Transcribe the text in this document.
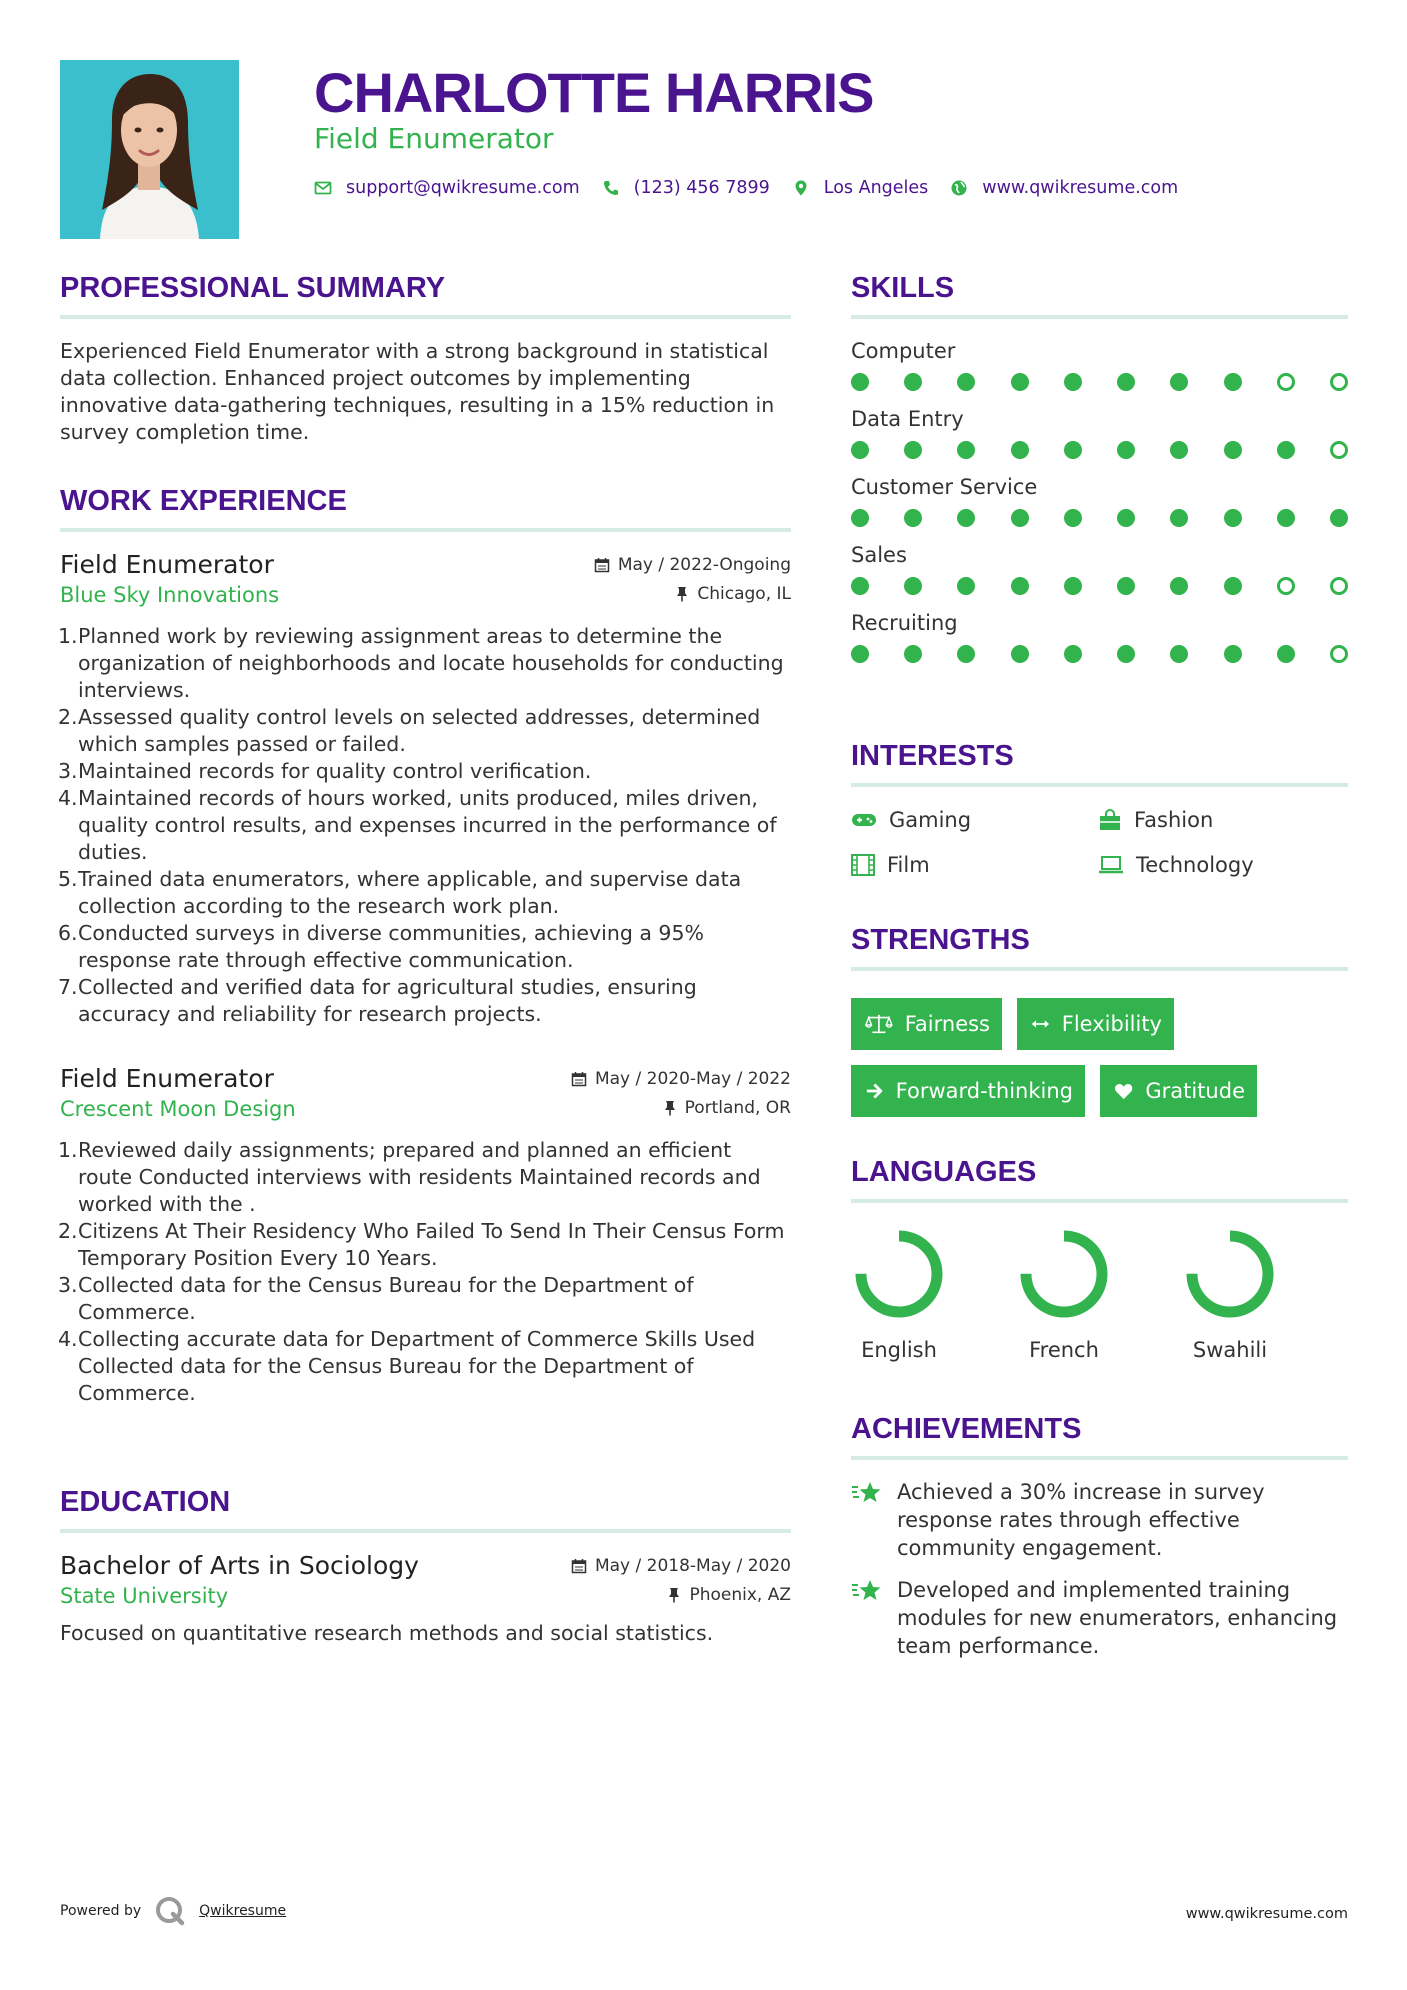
CHARLOTTE HARRIS
Field Enumerator
support@qwikresume.com	(123) 456 7899	Los Angeles	www.qwikresume.com
PROFESSIONAL SUMMARY
Experienced Field Enumerator with a strong background in statistical data collection. Enhanced project outcomes by implementing innovative data-gathering techniques, resulting in a 15% reduction in survey completion time.
WORK EXPERIENCE
Field Enumerator	May / 2022-Ongoing
Blue Sky Innovations	Chicago, IL
Planned work by reviewing assignment areas to determine the organization of neighborhoods and locate households for conducting interviews.
Assessed quality control levels on selected addresses, determined which samples passed or failed.
Maintained records for quality control verification.
Maintained records of hours worked, units produced, miles driven, quality control results, and expenses incurred in the performance of duties.
Trained data enumerators, where applicable, and supervise data collection according to the research work plan.
Conducted surveys in diverse communities, achieving a 95% response rate through effective communication.
Collected and verified data for agricultural studies, ensuring accuracy and reliability for research projects.
Field Enumerator	May / 2020-May / 2022
Crescent Moon Design	Portland, OR
Reviewed daily assignments; prepared and planned an efficient route Conducted interviews with residents Maintained records and worked with the .
Citizens At Their Residency Who Failed To Send In Their Census Form Temporary Position Every 10 Years.
Collected data for the Census Bureau for the Department of Commerce.
Collecting accurate data for Department of Commerce Skills Used Collected data for the Census Bureau for the Department of Commerce.
EDUCATION
Bachelor of Arts in Sociology	May / 2018-May / 2020
State University	Phoenix, AZ
Focused on quantitative research methods and social statistics.
SKILLS
Computer
Data Entry
Customer Service
Sales
Recruiting
INTERESTS
Gaming	Fashion
Film	Technology
STRENGTHS
Fairness	Flexibility
Forward-thinking	Gratitude
LANGUAGES
English	French	Swahili
ACHIEVEMENTS
Achieved a 30% increase in survey response rates through effective community engagement.
Developed and implemented training modules for new enumerators, enhancing team performance.
Powered by	Qwikresume	www.qwikresume.com
